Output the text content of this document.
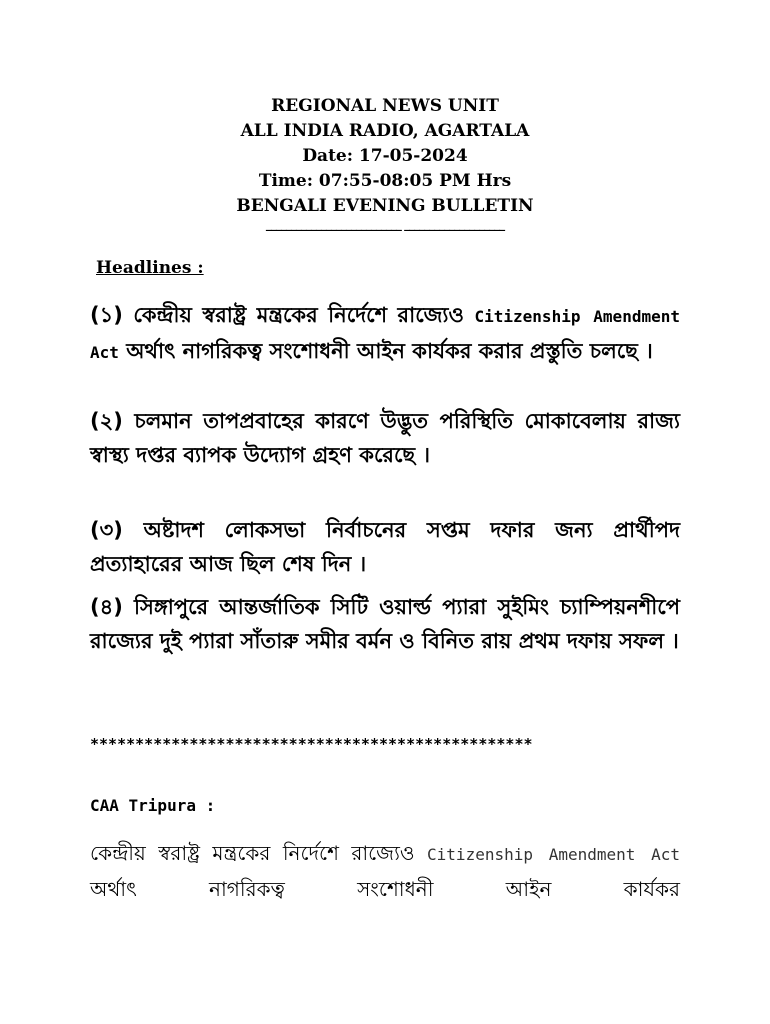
REGIONAL NEWS UNIT
ALL INDIA RADIO, AGARTALA
Date: 17-05-2024
Time: 07:55-08:05 PM Hrs
BENGALI EVENING BULLETIN
___________________________ ____________________
Headlines :
(১) কেন্দ্রীয় স্বরাষ্ট্র মন্ত্রকের নির্দেশে রাজ্যেও Citizenship Amendment Act অর্থাৎ নাগরিকত্ব সংশোধনী আইন কার্যকর করার প্রস্তুতি চলছে ।
(২) চলমান তাপপ্রবাহের কারণে উদ্ভুত পরিস্থিতি মোকাবেলায় রাজ্য স্বাস্থ্য দপ্তর ব্যাপক উদ্যোগ গ্রহণ করেছে ।
(৩) অষ্টাদশ লোকসভা নির্বাচনের সপ্তম দফার জন্য প্রার্থীপদ প্রত্যাহারের আজ ছিল শেষ দিন ।
(৪) সিঙ্গাপুরে আন্তর্জাতিক সিটি ওয়ার্ল্ড প্যারা সুইমিং চ্যাম্পিয়নশীপে রাজ্যের দুই প্যারা সাঁতারু সমীর বর্মন ও বিনিত রায় প্রথম দফায় সফল ।
*************************************************
CAA Tripura :
কেন্দ্রীয় স্বরাষ্ট্র মন্ত্রকের নির্দেশে রাজ্যেও Citizenship Amendment Act অর্থাৎ নাগরিকত্ব সংশোধনী আইন কার্যকর
